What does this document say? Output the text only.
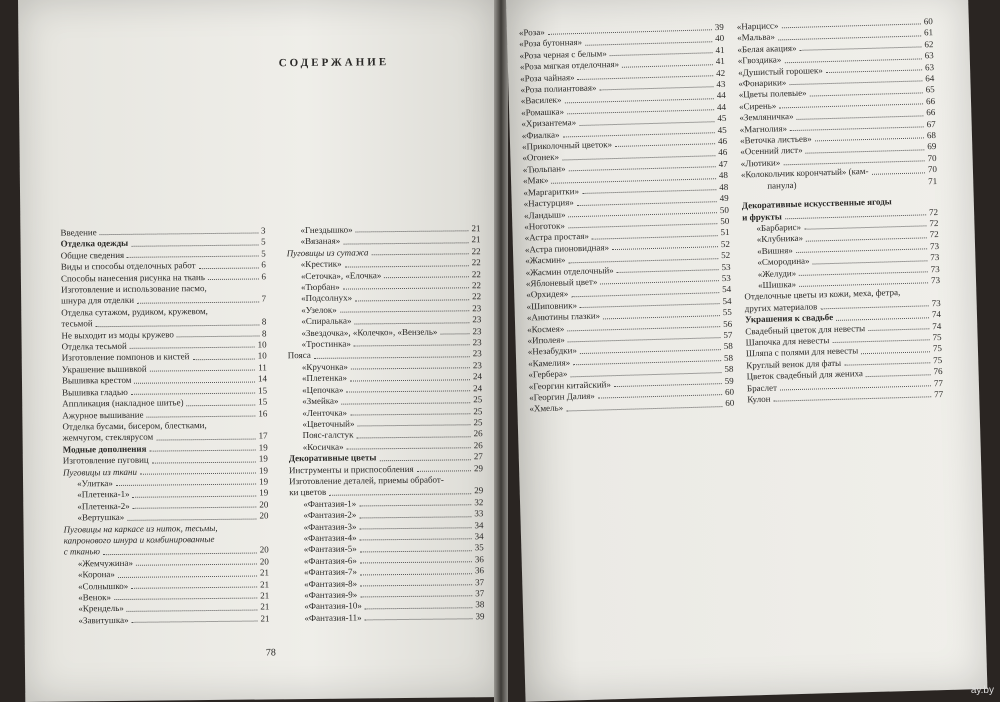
СОДЕРЖАНИЕ
Введение	3
Отделка одежды	5
Общие сведения	5
Виды и способы отделочных работ	6
Способы нанесения рисунка на ткань	6
Изготовление и использование пасмо,
шнура для отделки	7
Отделка сутажом, рудиком, кружевом,
тесьмой	8
Не выходит из моды кружево	8
Отделка тесьмой	10
Изготовление помпонов и кистей	10
Украшение вышивкой	11
Вышивка крестом	14
Вышивка гладью	15
Аппликация (накладное шитье)	15
Ажурное вышивание	16
Отделка бусами, бисером, блестками,
жемчугом, стеклярусом	17
Модные дополнения	19
Изготовление пуговиц	19
Пуговицы из ткани	19
«Улитка»	19
«Плетенка-1»	19
«Плетенка-2»	20
«Вертушка»	20
Пуговицы на каркасе из ниток, тесьмы,
капронового шнура и комбинированные
с тканью	20
«Жемчужина»	20
«Корона»	21
«Солнышко»	21
«Венок»	21
«Крендель»	21
«Завитушка»	21
«Гнездышко»	21
«Вязаная»	21
Пуговицы из сутажа	22
«Крестик»	22
«Сеточка», «Елочка»	22
«Тюрбан»	22
«Подсолнух»	22
«Узелок»	23
«Спиралька»	23
«Звездочка», «Колечко», «Вензель»	23
«Тростинка»	23
Пояса	23
«Кручонка»	23
«Плетенка»	24
«Цепочка»	24
«Змейка»	25
«Ленточка»	25
«Цветочный»	25
Пояс-галстук	26
«Косичка»	26
Декоративные цветы	27
Инструменты и приспособления	29
Изготовление деталей, приемы обработ-
ки цветов	29
«Фантазия-1»	32
«Фантазия-2»	33
«Фантазия-3»	34
«Фантазия-4»	34
«Фантазия-5»	35
«Фантазия-6»	36
«Фантазия-7»	36
«Фантазия-8»	37
«Фантазия-9»	37
«Фантазия-10»	38
«Фантазия-11»	39
78
«Роза»	39
«Роза бутонная»	40
«Роза черная с белым»	41
«Роза мягкая отделочная»	41
«Роза чайная»	42
«Роза полиантовая»	43
«Василек»	44
«Ромашка»	44
«Хризантема»	45
«Фиалка»	45
«Приколочный цветок»	46
«Огонек»	46
«Тюльпан»	47
«Мак»	48
«Маргаритки»	48
«Настурция»	49
«Ландыш»	50
«Ноготок»	50
«Астра простая»	51
«Астра пионовидная»	52
«Жасмин»	52
«Жасмин отделочный»	53
«Яблоневый цвет»	53
«Орхидея»	54
«Шиповник»	54
«Анютины глазки»	55
«Космея»	56
«Иполея»	57
«Незабудки»	58
«Камелия»	58
«Гербера»	58
«Георгин китайский»	59
«Георгин Далия»	60
«Хмель»	60
«Нарцисс»	60
«Мальва»	61
«Белая акация»	62
«Гвоздика»	63
«Душистый горошек»	63
«Фонарики»	64
«Цветы полевые»	65
«Сирень»	66
«Земляничка»	66
«Магнолия»	67
«Веточка листьев»	68
«Осенний лист»	69
«Лютики»	70
«Колокольчик корончатый» (кам-	70
панула)	71
Декоративные искусственные ягоды
и фрукты	72
«Барбарис»	72
«Клубника»	72
«Вишня»	73
«Смородина»	73
«Желуди»	73
«Шишка»	73
Отделочные цветы из кожи, меха, фетра,
других материалов	73
Украшения к свадьбе	74
Свадебный цветок для невесты	74
Шапочка для невесты	75
Шляпа с полями для невесты	75
Круглый венок для фаты	75
Цветок свадебный для жениха	76
Браслет	77
Кулон	77
ay.by
